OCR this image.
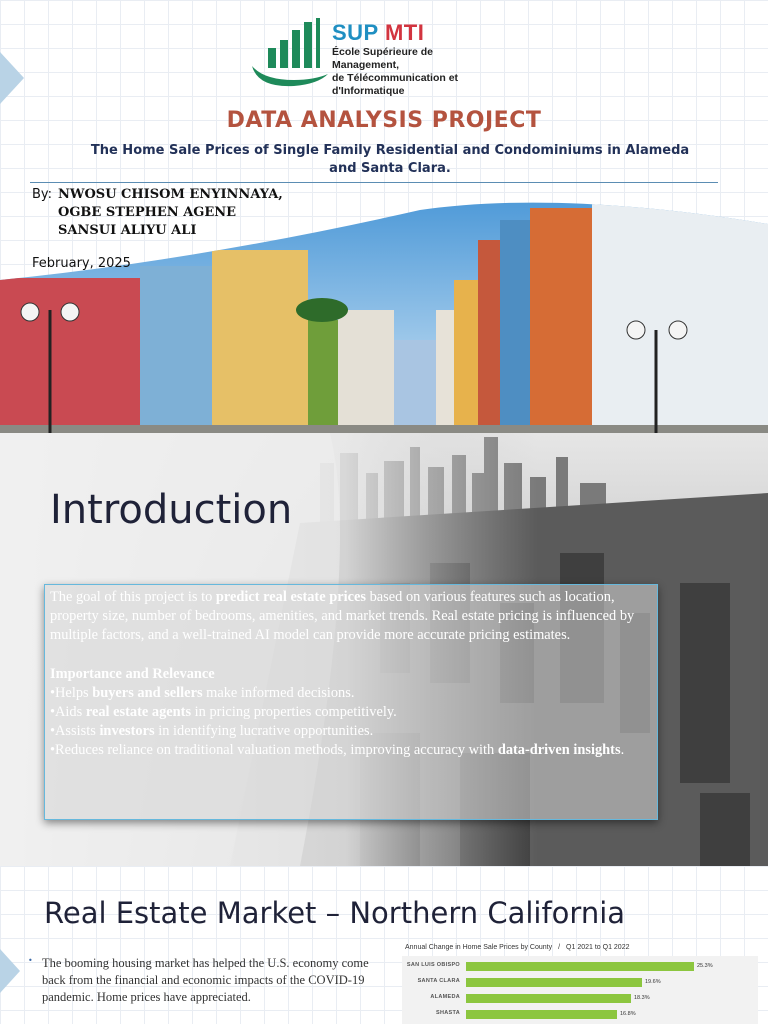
SUP MTI
École Supérieure de Management,
de Télécommunication et d'Informatique
DATA ANALYSIS PROJECT
The Home Sale Prices of Single Family Residential and Condominiums in Alameda and Santa Clara.
By: NWOSU CHISOM ENYINNAYA,
OGBE STEPHEN AGENE
SANSUI ALIYU ALI
February, 2025
Introduction

The goal of this project is to predict real estate prices based on various features such as location, property size, number of bedrooms, amenities, and market trends. Real estate pricing is influenced by multiple factors, and a well-trained AI model can provide more accurate pricing estimates.

Importance and Relevance

•Helps buyers and sellers make informed decisions.

•Aids real estate agents in pricing properties competitively.

•Assists investors in identifying lucrative opportunities.

•Reduces reliance on traditional valuation methods, improving accuracy with data-driven insights.

Real Estate Market – Northern California
• The booming housing market has helped the U.S. economy come back from the financial and economic impacts of the COVID-19 pandemic. Home prices have appreciated.
Annual Change in Home Sale Prices by County / Q1 2021 to Q1 2022
SAN LUIS OBISPO	25.3%
SANTA CLARA	19.6%
ALAMEDA	18.3%
SHASTA	16.8%
